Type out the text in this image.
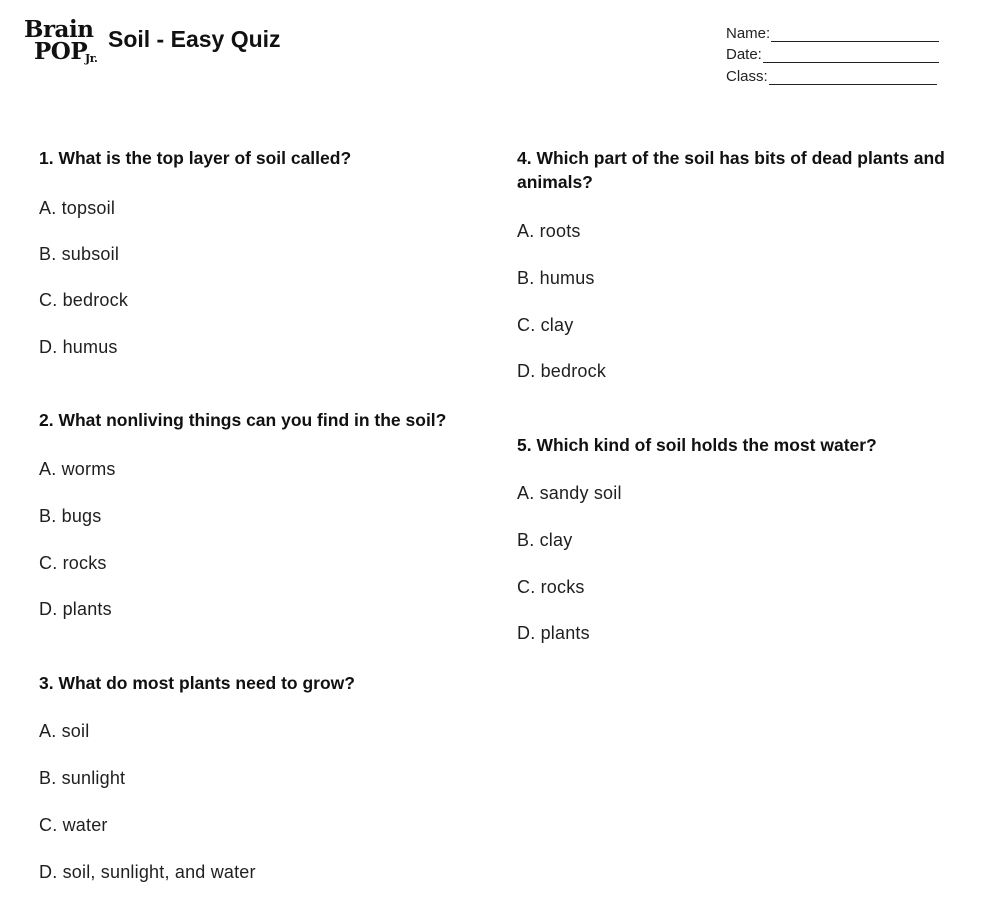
Brain
POP
Jr.
Soil - Easy Quiz	Name:
Date:
Class:
1. What is the top layer of soil called?
A. topsoil
B. subsoil
C. bedrock
D. humus
2. What nonliving things can you find in the soil?
A. worms
B. bugs
C. rocks
D. plants
3. What do most plants need to grow?
A. soil
B. sunlight
C. water
D. soil, sunlight, and water
4. Which part of the soil has bits of dead plants and animals?
A. roots
B. humus
C. clay
D. bedrock
5. Which kind of soil holds the most water?
A. sandy soil
B. clay
C. rocks
D. plants
